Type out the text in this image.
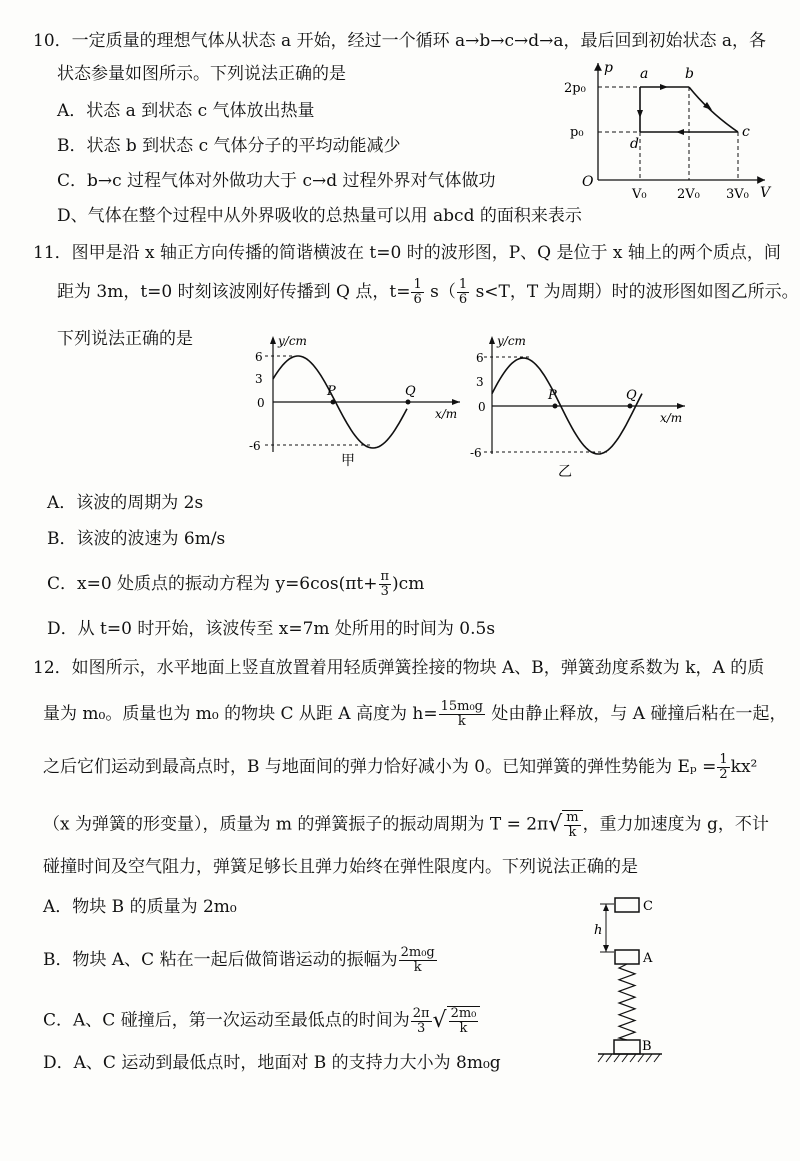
10．一定质量的理想气体从状态 a 开始，经过一个循环 a→b→c→d→a，最后回到初始状态 a，各
状态参量如图所示。下列说法正确的是
A．状态 a 到状态 c 气体放出热量
B．状态 b 到状态 c 气体分子的平均动能减少
C．b→c 过程气体对外做功大于 c→d 过程外界对气体做功
D、气体在整个过程中从外界吸收的总热量可以用 abcd 的面积来表示
p
V
O
2p₀
p₀
V₀ 2V₀ 3V₀
a	b
c
d
11．图甲是沿 x 轴正方向传播的简谐横波在 t=0 时的波形图，P、Q 是位于 x 轴上的两个质点，间
距为 3m，t=0 时刻该波刚好传播到 Q 点，$t= \frac{1}{6} s( \frac{1}{6} s<T$，T 为周期）时的波形图如图乙所示。
下列说法正确的是	y/cm
x/m
6
3
0
-6
P	Q
甲
y/cm
x/m
6
3
0
-6
P	Q
乙
A．该波的周期为 2s
B．该波的波速为 6m/s
C．x=0 处质点的振动方程为 $y=6\cos(\pi t+ \frac{\pi}{3} )cm$
D．从 t=0 时开始，该波传至 x=7m 处所用的时间为 0.5s
12．如图所示，水平地面上竖直放置着用轻质弹簧拴接的物块 A、B，弹簧劲度系数为 k，A 的质
量为 m₀。质量也为 m₀ 的物块 C 从距 A 高度为 $h= \frac{\text{15m₀g}}{k}$ 处由静止释放，与 A 碰撞后粘在一起，
之后它们运动到最高点时，B 与地面间的弹力恰好减小为 0。已知弹簧的弹性势能为 $E_p = \frac{1}{2} kx^2$
（x 为弹簧的形变量），质量为 m 的弹簧振子的振动周期为 $T = 2\pi√ \frac{m}{k}$ ，重力加速度为 g，不计
碰撞时间及空气阻力，弹簧足够长且弹力始终在弹性限度内。下列说法正确的是
A．物块 B 的质量为 2m₀
B．物块 A、C 粘在一起后做简谐运动的振幅为 $\frac{\text{2m₀g}}{k}$
C．A、C 碰撞后，第一次运动至最低点的时间为 $\frac{2\pi}{3}$ √ $\frac{\text{2m₀}}{k}$
D．A、C 运动到最低点时，地面对 B 的支持力大小为 8m₀g
C
h
A
B
